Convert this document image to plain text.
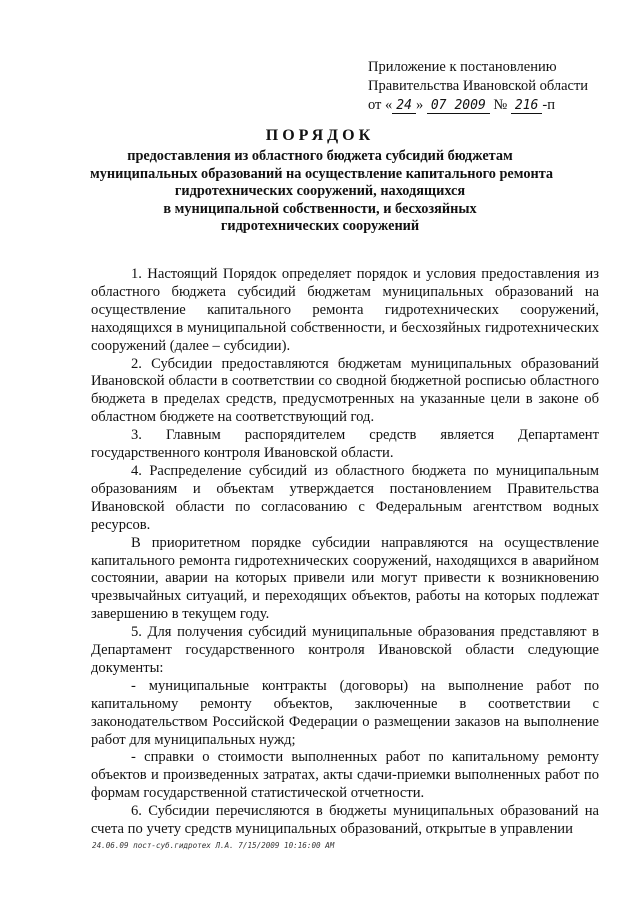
Приложение к постановлению
Правительства Ивановской области
от « 24 » 07 2009 № 216 -п
ПОРЯДОК
предоставления из областного бюджета субсидий бюджетам
муниципальных образований на осуществление капитального ремонта
гидротехнических сооружений, находящихся
в муниципальной собственности, и бесхозяйных
гидротехнических сооружений

1. Настоящий Порядок определяет порядок и условия предоставления из областного бюджета субсидий бюджетам муниципальных образований на осуществление капитального ремонта гидротехнических сооружений, находящихся в муниципальной собственности, и бесхозяйных гидротехнических сооружений (далее – субсидии).

2. Субсидии предоставляются бюджетам муниципальных образований Ивановской области в соответствии со сводной бюджетной росписью областного бюджета в пределах средств, предусмотренных на указанные цели в законе об областном бюджете на соответствующий год.

3. Главным распорядителем средств является Департамент государственного контроля Ивановской области.

4. Распределение субсидий из областного бюджета по муниципальным образованиям и объектам утверждается постановлением Правительства Ивановской области по согласованию с Федеральным агентством водных ресурсов.

В приоритетном порядке субсидии направляются на осуществление капитального ремонта гидротехнических сооружений, находящихся в аварийном состоянии, аварии на которых привели или могут привести к возникновению чрезвычайных ситуаций, и переходящих объектов, работы на которых подлежат завершению в текущем году.

5. Для получения субсидий муниципальные образования представляют в Департамент государственного контроля Ивановской области следующие документы:

- муниципальные контракты (договоры) на выполнение работ по капитальному ремонту объектов, заключенные в соответствии с законодательством Российской Федерации о размещении заказов на выполнение работ для муниципальных нужд;

- справки о стоимости выполненных работ по капитальному ремонту объектов и произведенных затратах, акты сдачи-приемки выполненных работ по формам государственной статистической отчетности.

6. Субсидии перечисляются в бюджеты муниципальных образований на счета по учету средств муниципальных образований, открытые в управлении

24.06.09 пост-суб.гидротех Л.А. 7/15/2009 10:16:00 AM
